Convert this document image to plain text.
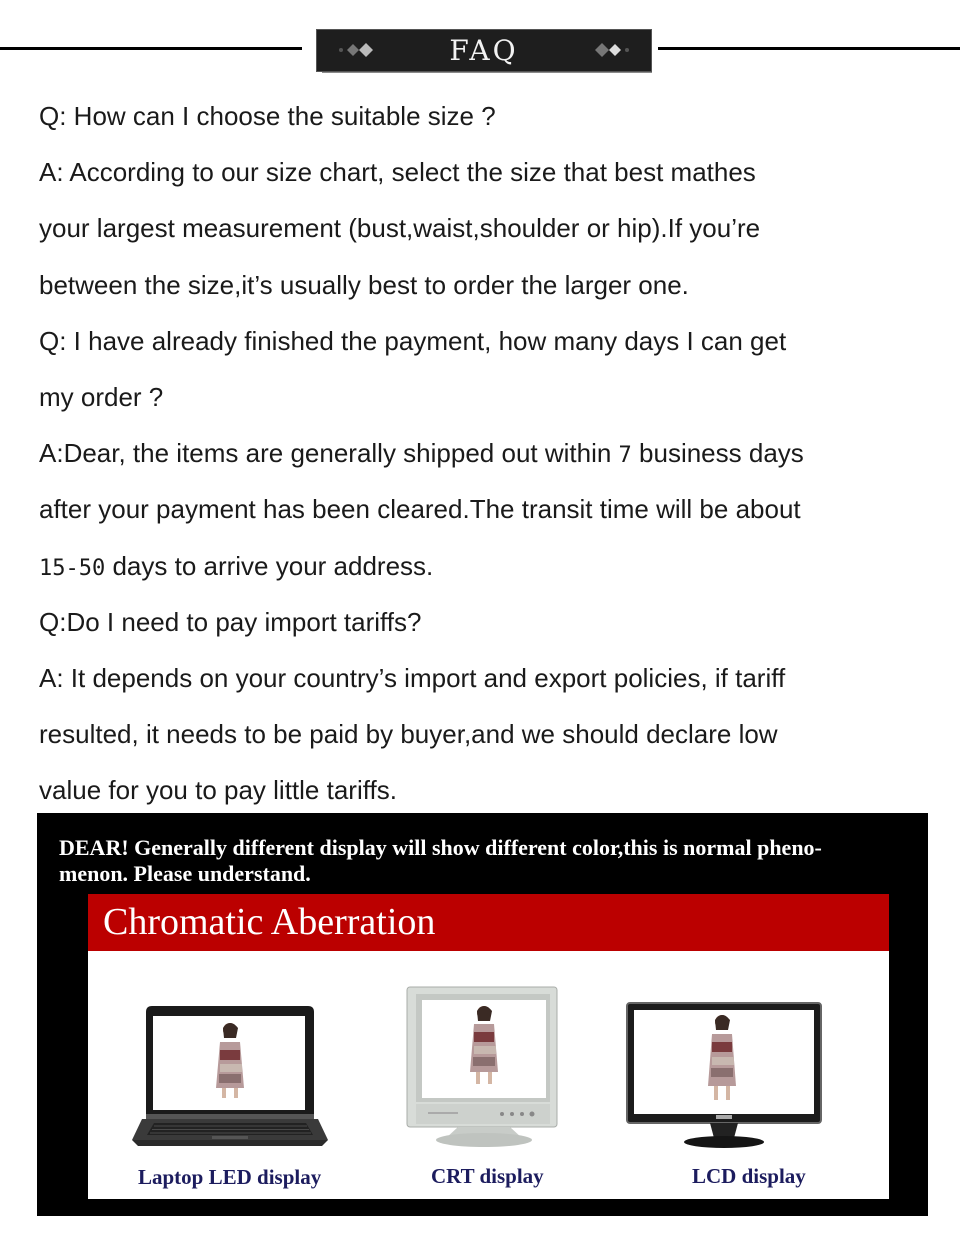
FAQ
Q: How can I choose the suitable size ?
A: According to our size chart, select the size that best mathes
your largest measurement (bust,waist,shoulder or hip).If you’re
between the size,it’s usually best to order the larger one.
Q: I have already finished the payment, how many days I can get
my order ?
A:Dear, the items are generally shipped out within 7 business days
after your payment has been cleared.The transit time will be about
15-50 days to arrive your address.
Q:Do I need to pay import tariffs?
A: It depends on your country’s import and export policies, if tariff
resulted, it needs to be paid by buyer,and we should declare low
value for you to pay little tariffs.
DEAR! Generally different display will show different color,this is normal pheno-
menon. Please understand.
Chromatic Aberration
Laptop LED display	CRT display	LCD display
